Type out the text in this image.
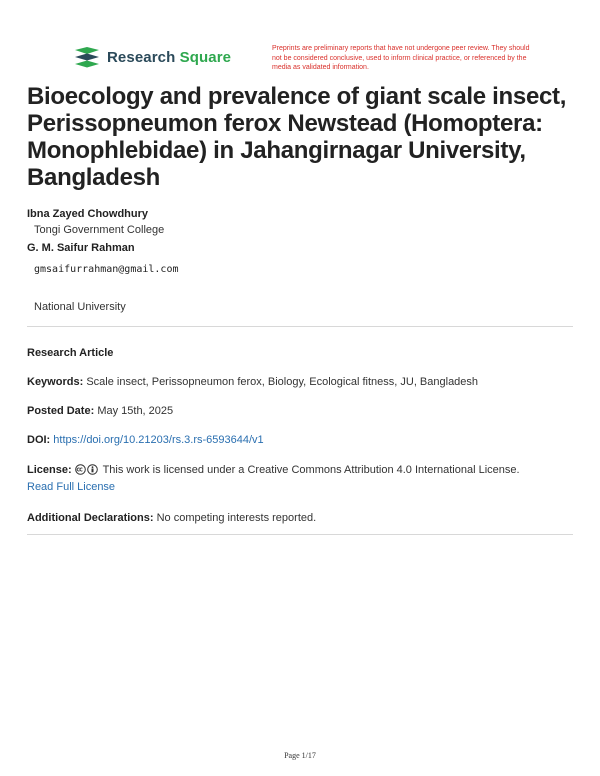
Research Square	Preprints are preliminary reports that have not undergone peer review. They should not be considered conclusive, used to inform clinical practice, or referenced by the media as validated information.
Bioecology and prevalence of giant scale insect, Perissopneumon ferox Newstead (Homoptera: Monophlebidae) in Jahangirnagar University, Bangladesh
Ibna Zayed Chowdhury
Tongi Government College
G. M. Saifur Rahman
gmsaifurrahman@gmail.com
National University
Research Article
Keywords: Scale insect, Perissopneumon ferox, Biology, Ecological fitness, JU, Bangladesh
Posted Date: May 15th, 2025
DOI: https://doi.org/10.21203/rs.3.rs-6593644/v1
License:	This work is licensed under a Creative Commons Attribution 4.0 International License.
Read Full License
Additional Declarations: No competing interests reported.
Page 1/17
